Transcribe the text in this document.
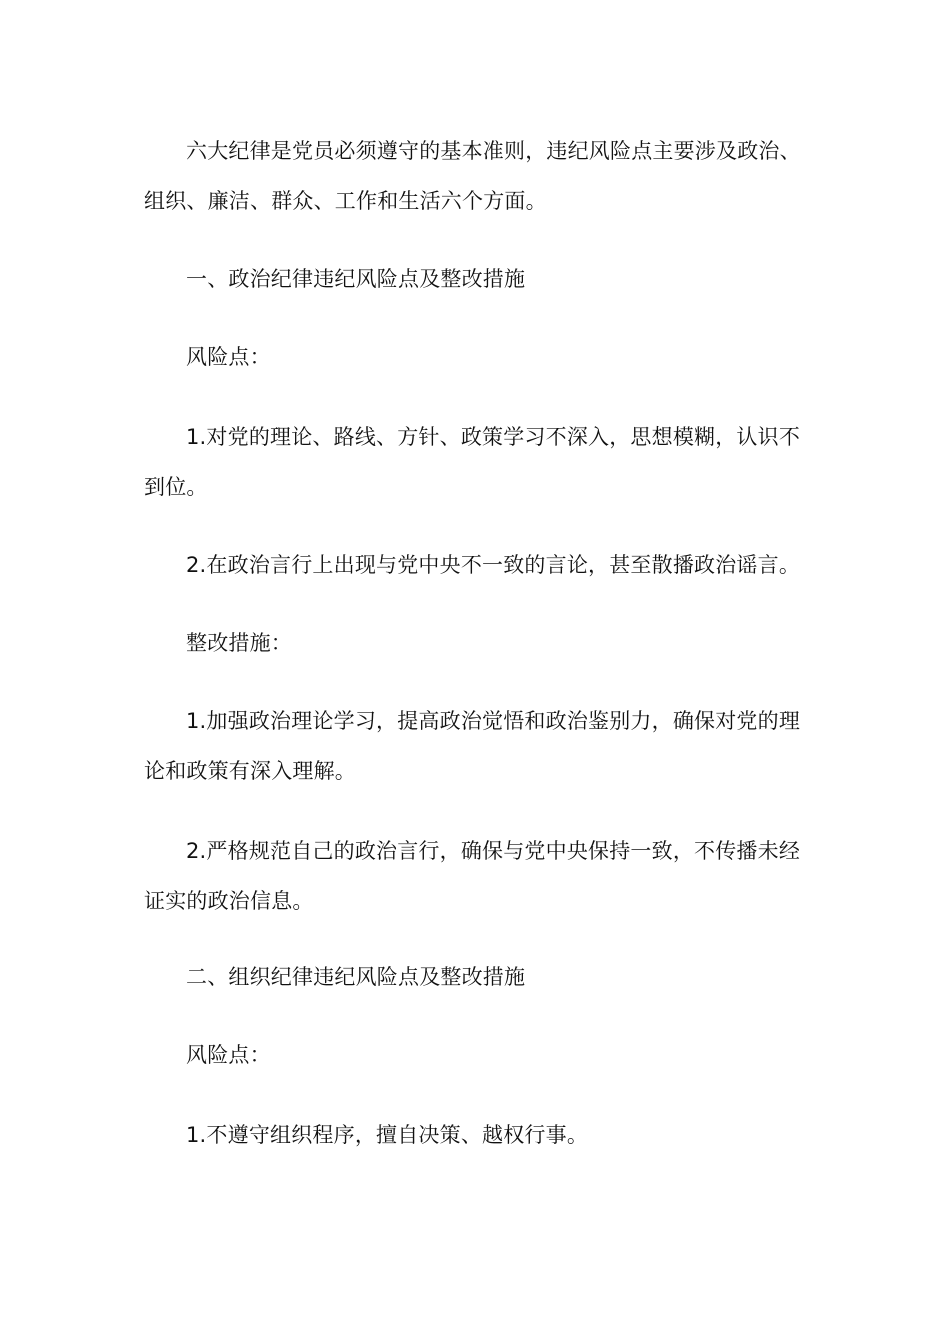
六大纪律是党员必须遵守的基本准则，违纪风险点主要涉及政治、组织、廉洁、群众、工作和生活六个方面。

一、政治纪律违纪风险点及整改措施

风险点：

1.对党的理论、路线、方针、政策学习不深入，思想模糊，认识不到位。

2.在政治言行上出现与党中央不一致的言论，甚至散播政治谣言。

整改措施：

1.加强政治理论学习，提高政治觉悟和政治鉴别力，确保对党的理论和政策有深入理解。

2.严格规范自己的政治言行，确保与党中央保持一致，不传播未经证实的政治信息。

二、组织纪律违纪风险点及整改措施

风险点：

1.不遵守组织程序，擅自决策、越权行事。
